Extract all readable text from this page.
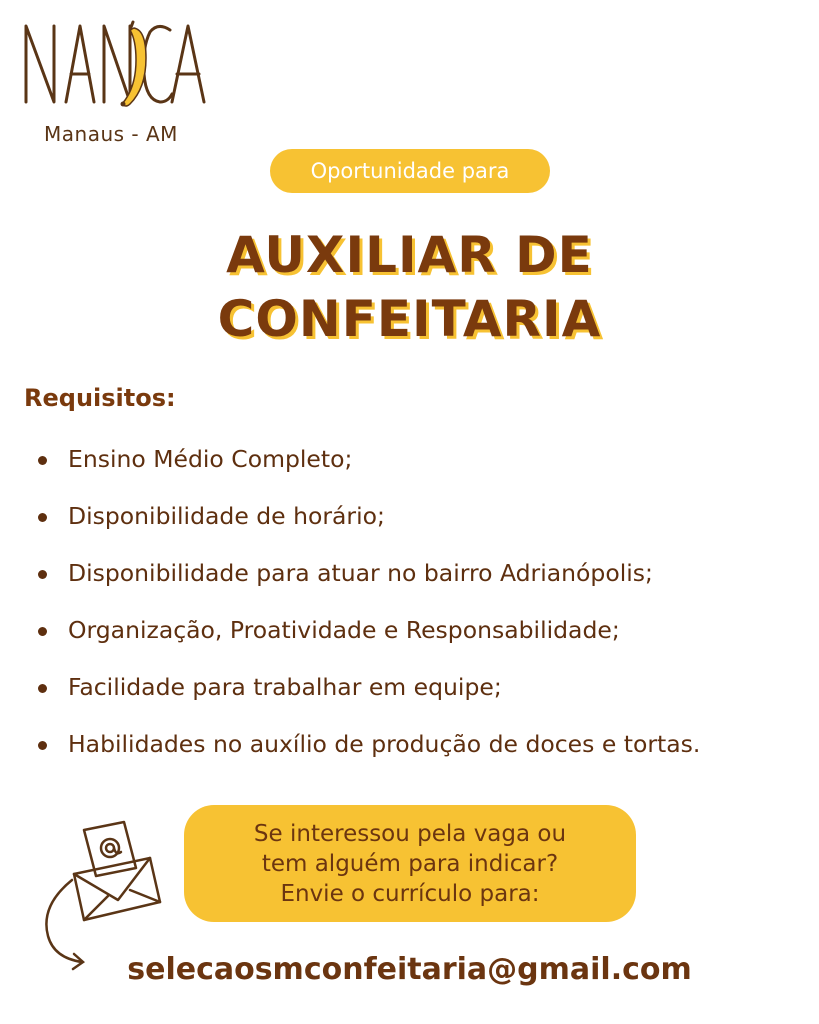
NANICA
Manaus - AM
Oportunidade para
AUXILIAR DE
CONFEITARIA
Requisitos:
Ensino Médio Completo;
Disponibilidade de horário;
Disponibilidade para atuar no bairro Adrianópolis;
Organização, Proatividade e Responsabilidade;
Facilidade para trabalhar em equipe;
Habilidades no auxílio de produção de doces e tortas.
Se interessou pela vaga ou
tem alguém para indicar?
Envie o currículo para:
selecaosmconfeitaria@gmail.com
